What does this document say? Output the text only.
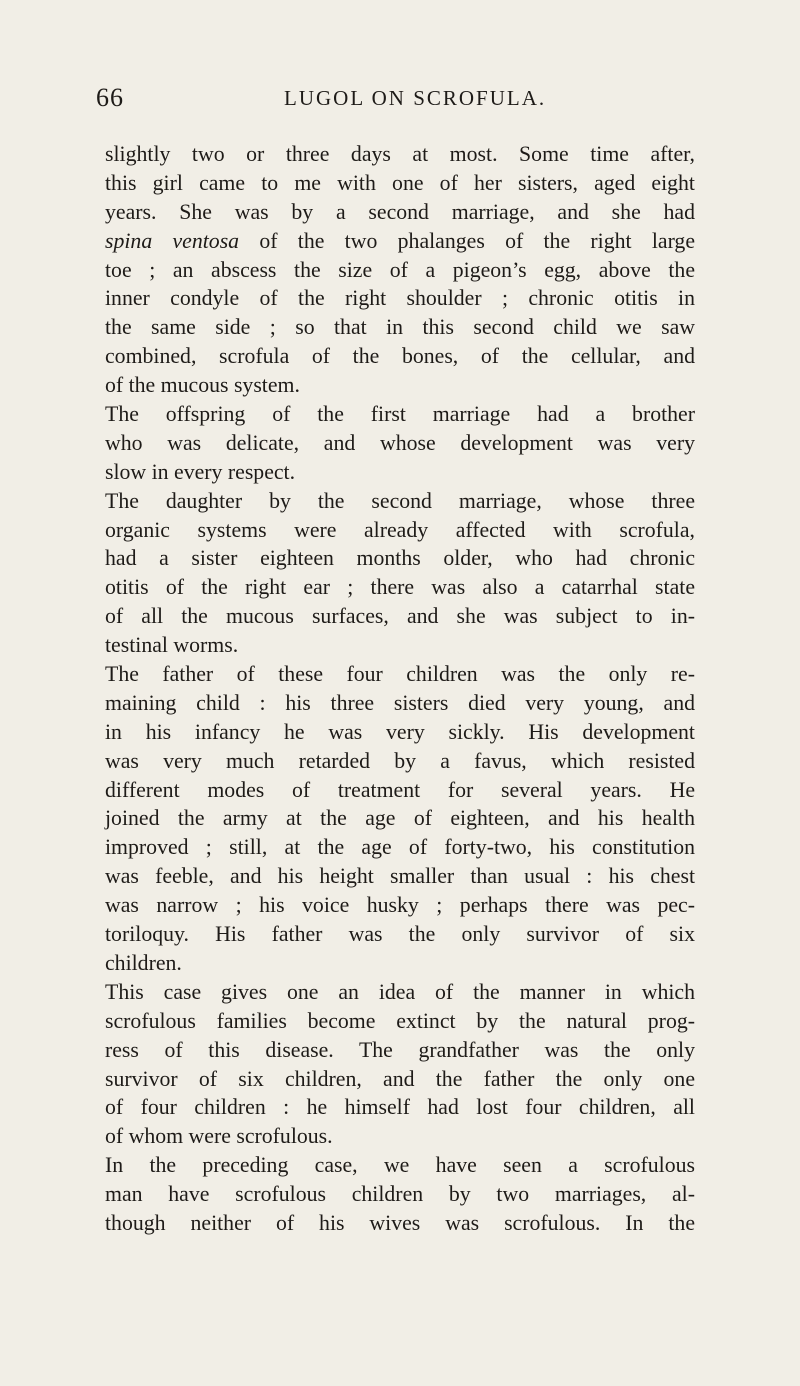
66	LUGOL ON SCROFULA.
slightly two or three days at most. Some time after,
this girl came to me with one of her sisters, aged eight
years. She was by a second marriage, and she had
spina ventosa of the two phalanges of the right large
toe ; an abscess the size of a pigeon’s egg, above the
inner condyle of the right shoulder ; chronic otitis in
the same side ; so that in this second child we saw
combined, scrofula of the bones, of the cellular, and
of the mucous system.
The offspring of the first marriage had a brother
who was delicate, and whose development was very
slow in every respect.
The daughter by the second marriage, whose three
organic systems were already affected with scrofula,
had a sister eighteen months older, who had chronic
otitis of the right ear ; there was also a catarrhal state
of all the mucous surfaces, and she was subject to in-
testinal worms.
The father of these four children was the only re-
maining child : his three sisters died very young, and
in his infancy he was very sickly. His development
was very much retarded by a favus, which resisted
different modes of treatment for several years. He
joined the army at the age of eighteen, and his health
improved ; still, at the age of forty-two, his constitution
was feeble, and his height smaller than usual : his chest
was narrow ; his voice husky ; perhaps there was pec-
toriloquy. His father was the only survivor of six
children.
This case gives one an idea of the manner in which
scrofulous families become extinct by the natural prog-
ress of this disease. The grandfather was the only
survivor of six children, and the father the only one
of four children : he himself had lost four children, all
of whom were scrofulous.
In the preceding case, we have seen a scrofulous
man have scrofulous children by two marriages, al-
though neither of his wives was scrofulous. In the
